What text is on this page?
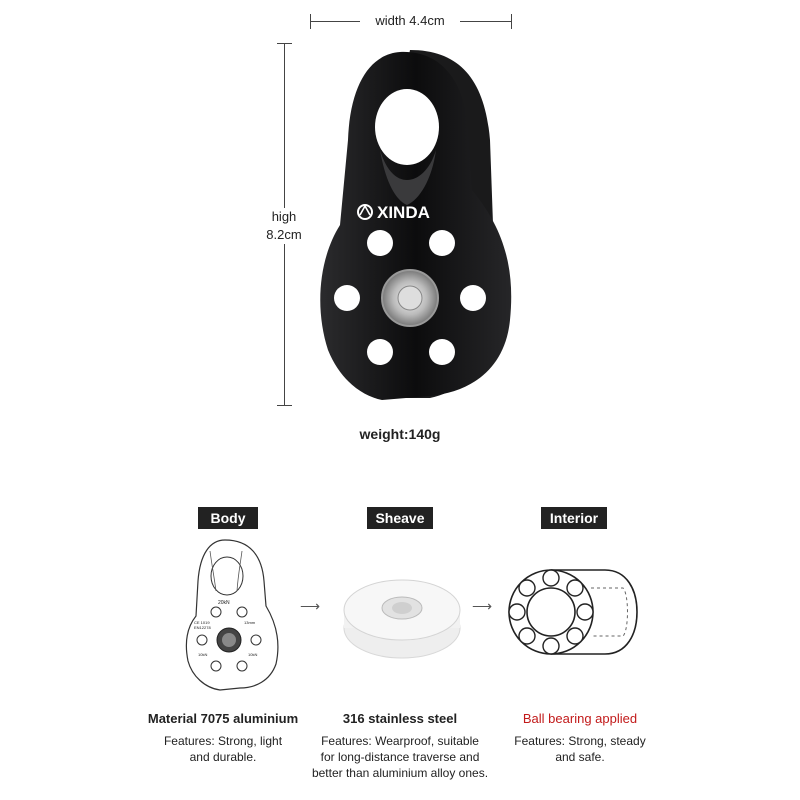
width 4.4cm
high
8.2cm
XINDA
weight:140g
Body	Sheave	Interior
20kN
CE 1019
EN12278
13mm
10kN	10kN
⟶	⟶
Material 7075 aluminium	316 stainless steel	Ball bearing applied
Features: Strong, light
and durable.
Features: Wearproof, suitable
for long-distance traverse and
better than aluminium alloy ones.
Features: Strong, steady
and safe.
